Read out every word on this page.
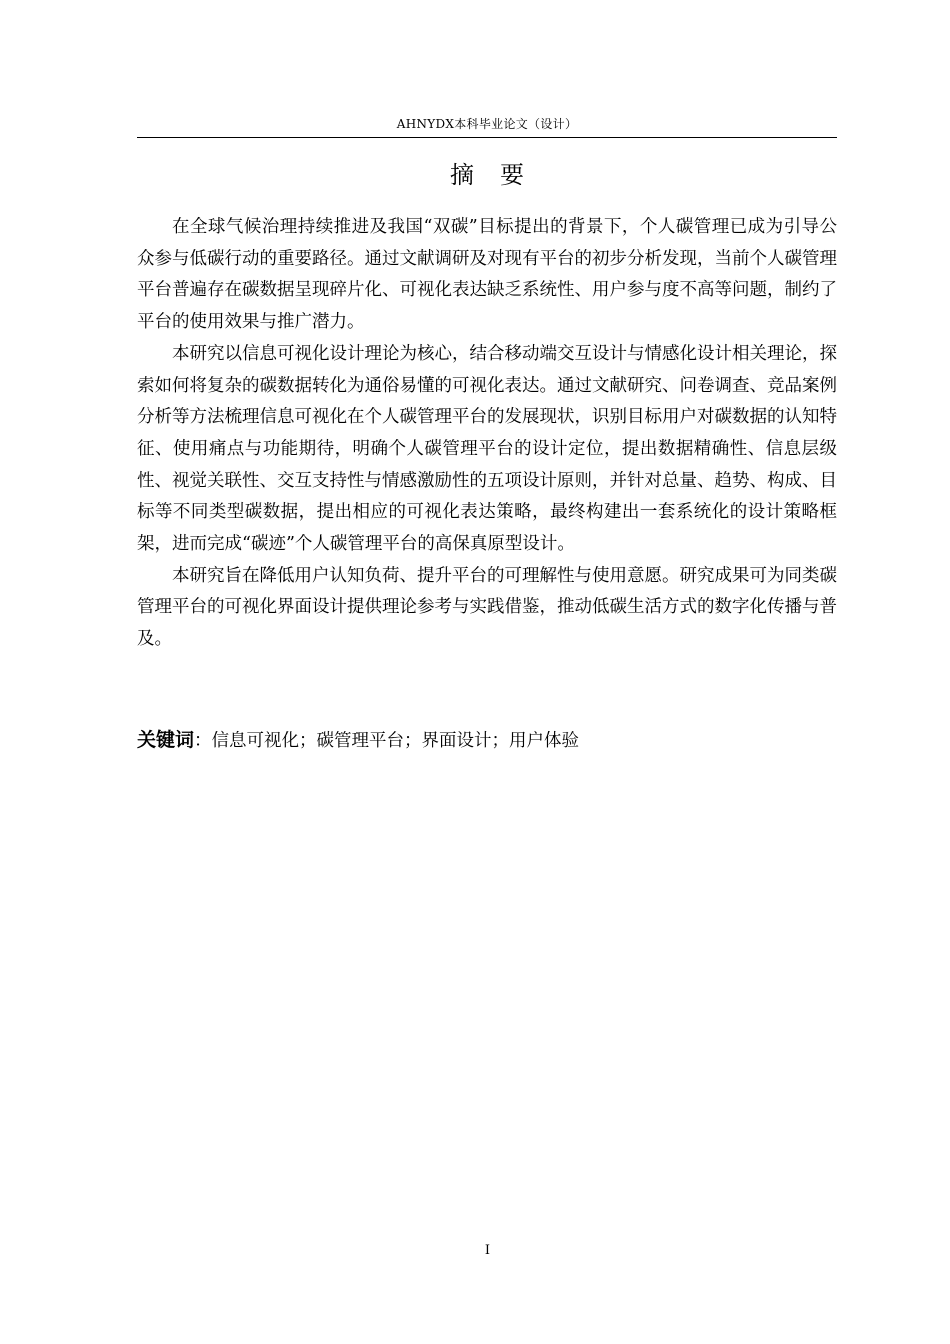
AHNYDX本科毕业论文（设计）
摘要

在全球气候治理持续推进及我国“双碳”目标提出的背景下，个人碳管理已成为引导公众参与低碳行动的重要路径。通过文献调研及对现有平台的初步分析发现，当前个人碳管理平台普遍存在碳数据呈现碎片化、可视化表达缺乏系统性、用户参与度不高等问题，制约了平台的使用效果与推广潜力。

本研究以信息可视化设计理论为核心，结合移动端交互设计与情感化设计相关理论，探索如何将复杂的碳数据转化为通俗易懂的可视化表达。通过文献研究、问卷调查、竞品案例分析等方法梳理信息可视化在个人碳管理平台的发展现状，识别目标用户对碳数据的认知特征、使用痛点与功能期待，明确个人碳管理平台的设计定位，提出数据精确性、信息层级性、视觉关联性、交互支持性与情感激励性的五项设计原则，并针对总量、趋势、构成、目标等不同类型碳数据，提出相应的可视化表达策略，最终构建出一套系统化的设计策略框架，进而完成“碳迹”个人碳管理平台的高保真原型设计。

本研究旨在降低用户认知负荷、提升平台的可理解性与使用意愿。研究成果可为同类碳管理平台的可视化界面设计提供理论参考与实践借鉴，推动低碳生活方式的数字化传播与普及。

关键词：信息可视化；碳管理平台；界面设计；用户体验
I
